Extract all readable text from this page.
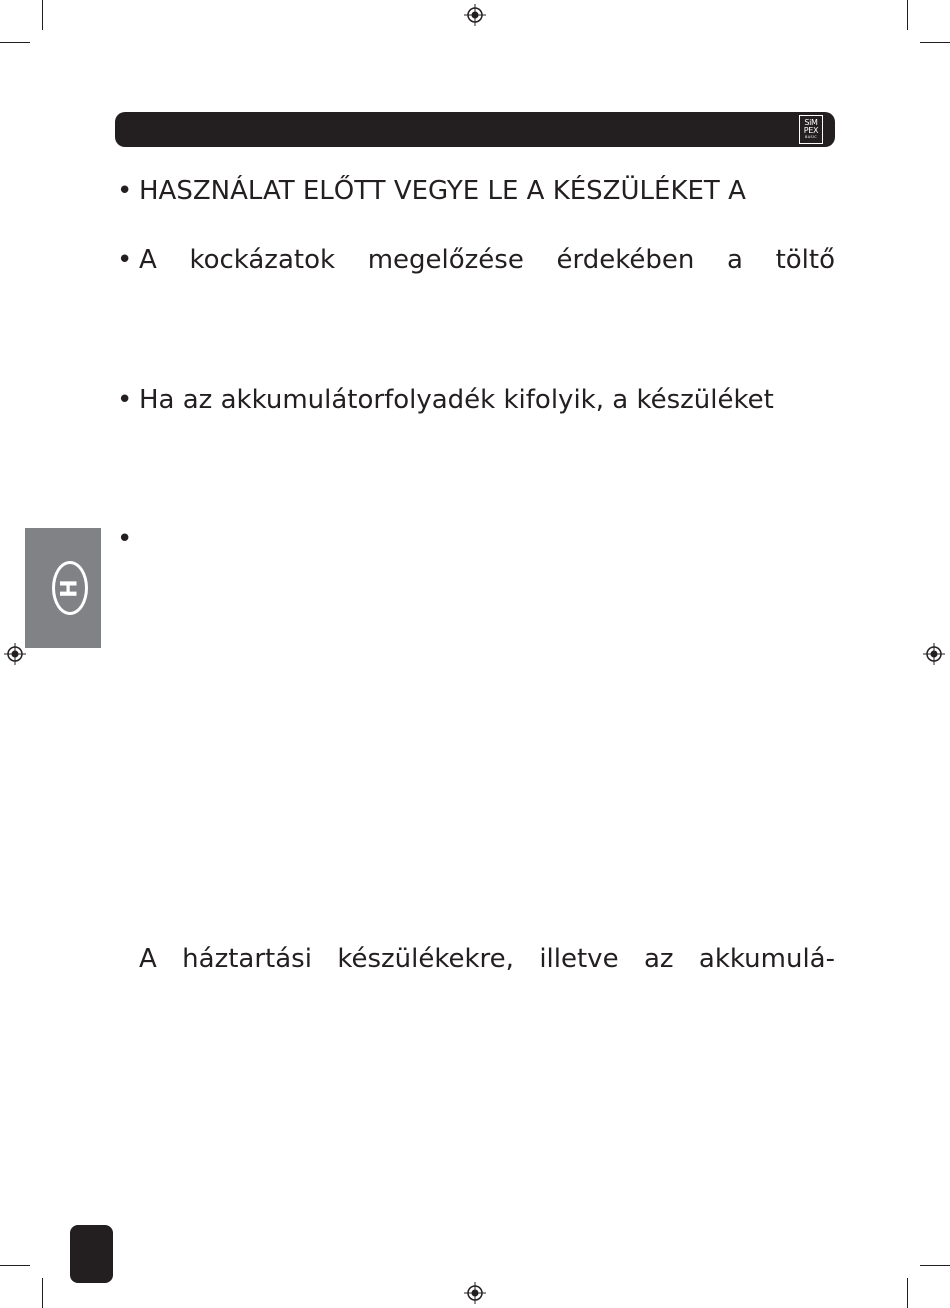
SiM
PEX
BASIC
H
• HASZNÁLAT ELŐTT VEGYE LE A KÉSZÜLÉKET A
• A kockázatok megelőzése érdekében a töltő
• Ha az akkumulátorfolyadék kifolyik, a készüléket
•
A háztartási készülékekre, illetve az akkumulá-
